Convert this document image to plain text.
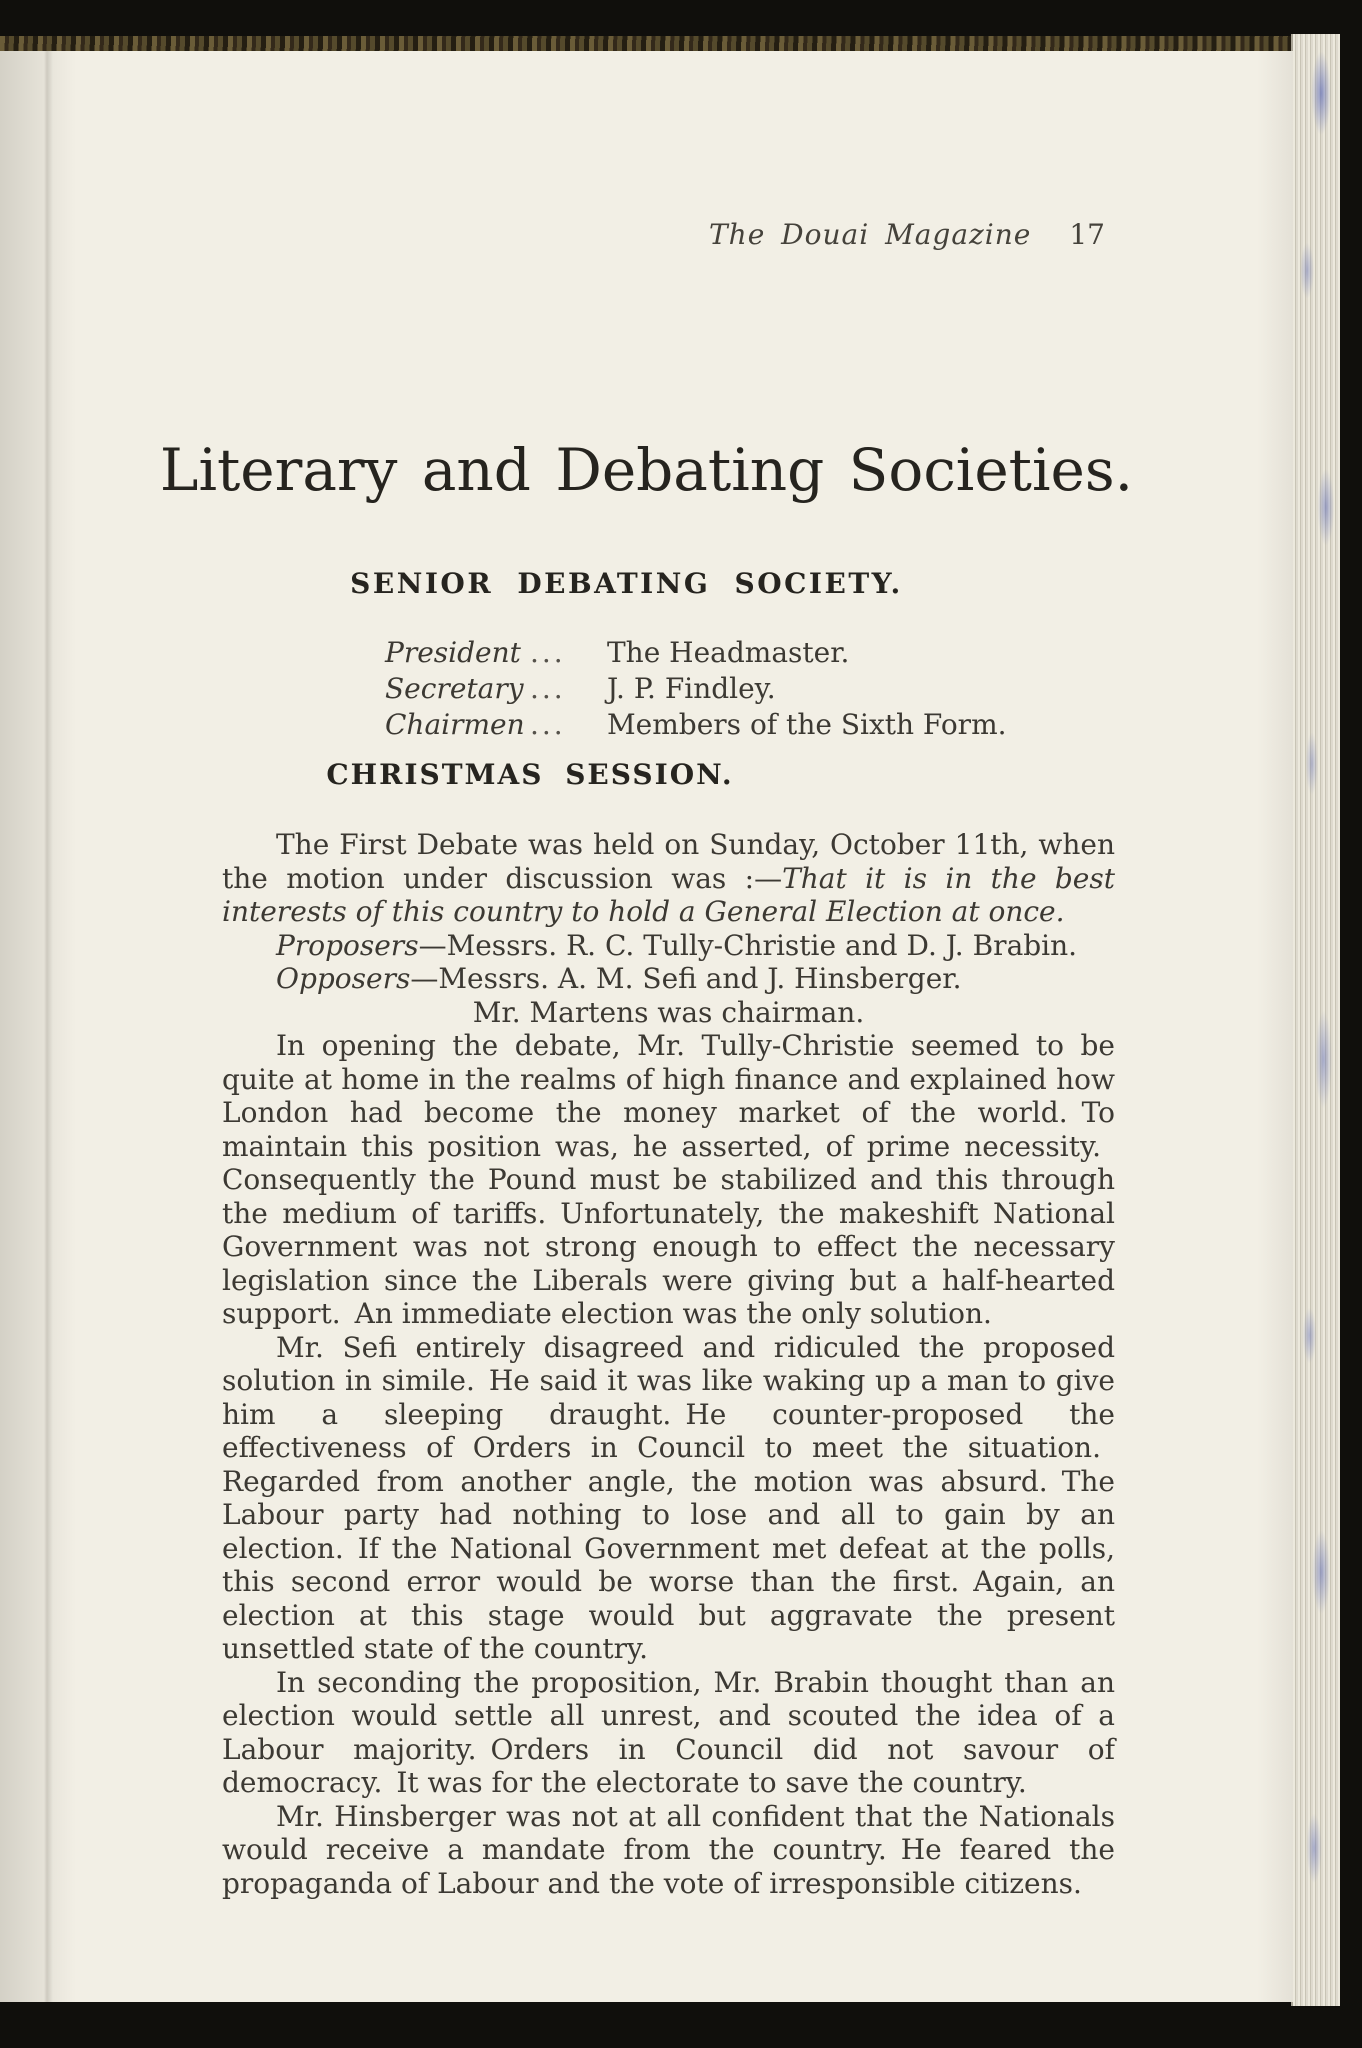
The Douai Magazine 17
Literary and Debating Societies.
SENIOR DEBATING SOCIETY.
President ...	The Headmaster.
Secretary ...	J. P. Findley.
Chairmen ...	Members of the Sixth Form.
CHRISTMAS SESSION.

The First Debate was held on Sunday, October 11th, when the motion under discussion was :—That it is in the best interests of this country to hold a General Election at once.

Proposers—Messrs. R. C. Tully-Christie and D. J. Brabin.

Opposers—Messrs. A. M. Sefi and J. Hinsberger.

Mr. Martens was chairman.

In opening the debate, Mr. Tully-Christie seemed to be quite at home in the realms of high finance and explained how London had become the money market of the world. To maintain this position was, he asserted, of prime necessity. Consequently the Pound must be stabilized and this through the medium of tariffs. Unfortunately, the makeshift National Government was not strong enough to effect the necessary legislation since the Liberals were giving but a half-hearted support. An immediate election was the only solution.

Mr. Sefi entirely disagreed and ridiculed the proposed solution in simile. He said it was like waking up a man to give him a sleeping draught. He counter-proposed the effectiveness of Orders in Council to meet the situation. Regarded from another angle, the motion was absurd. The Labour party had nothing to lose and all to gain by an election. If the National Government met defeat at the polls, this second error would be worse than the first. Again, an election at this stage would but aggravate the present unsettled state of the country.

In seconding the proposition, Mr. Brabin thought than an election would settle all unrest, and scouted the idea of a Labour majority. Orders in Council did not savour of democracy. It was for the electorate to save the country.

Mr. Hinsberger was not at all confident that the Nationals would receive a mandate from the country. He feared the propaganda of Labour and the vote of irresponsible citizens.
